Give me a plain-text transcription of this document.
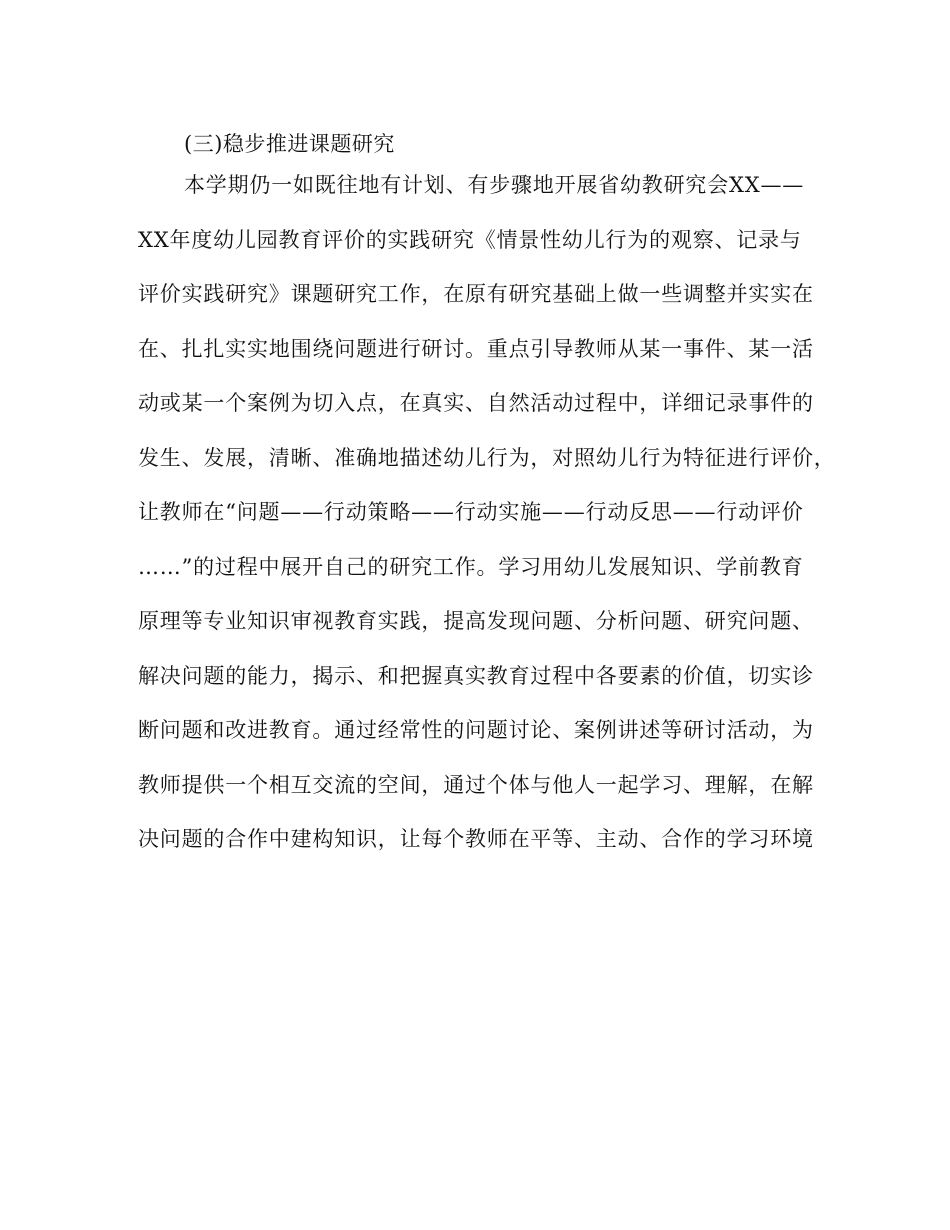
(三)稳步推进课题研究
本学期仍一如既往地有计划、有步骤地开展省幼教研究会XX——
XX年度幼儿园教育评价的实践研究《情景性幼儿行为的观察、记录与
评价实践研究》课题研究工作，在原有研究基础上做一些调整并实实在
在、扎扎实实地围绕问题进行研讨。重点引导教师从某一事件、某一活
动或某一个案例为切入点，在真实、自然活动过程中，详细记录事件的
发生、发展，清晰、准确地描述幼儿行为，对照幼儿行为特征进行评价，
让教师在“问题——行动策略——行动实施——行动反思——行动评价
……”的过程中展开自己的研究工作。学习用幼儿发展知识、学前教育
原理等专业知识审视教育实践，提高发现问题、分析问题、研究问题、
解决问题的能力，揭示、和把握真实教育过程中各要素的价值，切实诊
断问题和改进教育。通过经常性的问题讨论、案例讲述等研讨活动，为
教师提供一个相互交流的空间，通过个体与他人一起学习、理解，在解
决问题的合作中建构知识，让每个教师在平等、主动、合作的学习环境
